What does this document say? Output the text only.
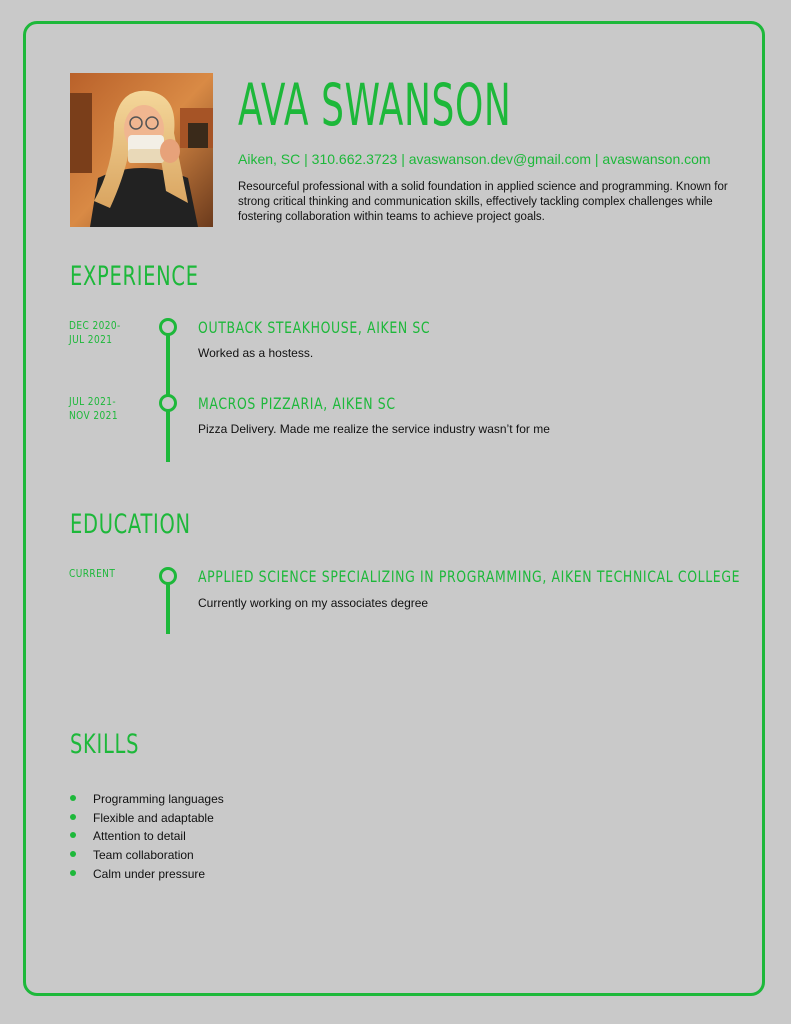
AVA SWANSON
Aiken, SC | 310.662.3723 | avaswanson.dev@gmail.com | avaswanson.com

Resourceful professional with a solid foundation in applied science and programming. Known for strong critical thinking and communication skills, effectively tackling complex challenges while fostering collaboration within teams to achieve project goals.

EXPERIENCE
DEC 2020-
JUL 2021
OUTBACK STEAKHOUSE, AIKEN SC
Worked as a hostess.
JUL 2021-
NOV 2021
MACROS PIZZARIA, AIKEN SC
Pizza Delivery. Made me realize the service industry wasn’t for me
EDUCATION
CURRENT	APPLIED SCIENCE SPECIALIZING IN PROGRAMMING, AIKEN TECHNICAL COLLEGE
Currently working on my associates degree
SKILLS
Programming languages
Flexible and adaptable
Attention to detail
Team collaboration
Calm under pressure
